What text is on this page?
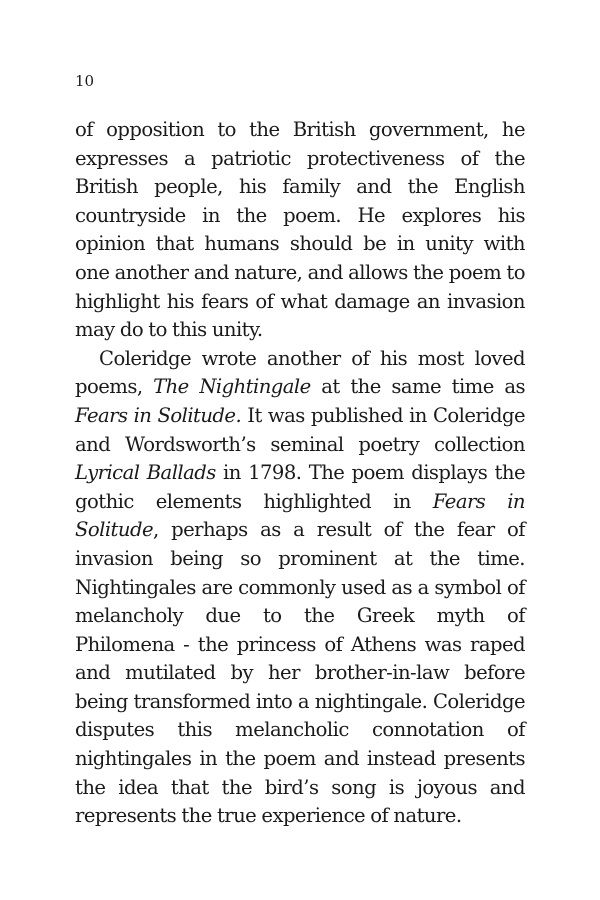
10

of opposition to the British government, he expresses a patriotic protectiveness of the British people, his family and the English countryside in the poem. He explores his opinion that humans should be in unity with one another and nature, and allows the poem to highlight his fears of what damage an invasion may do to this unity.

Coleridge wrote another of his most loved poems, The Nightingale at the same time as Fears in Solitude. It was published in Coleridge and Wordsworth’s seminal poetry collection Lyrical Ballads in 1798. The poem displays the gothic elements highlighted in Fears in Solitude, perhaps as a result of the fear of invasion being so prominent at the time. Nightingales are commonly used as a symbol of melancholy due to the Greek myth of Philomena - the princess of Athens was raped and mutilated by her brother-in-law before being transformed into a nightingale. Coleridge disputes this melancholic connotation of nightingales in the poem and instead presents the idea that the bird’s song is joyous and represents the true experience of nature.
